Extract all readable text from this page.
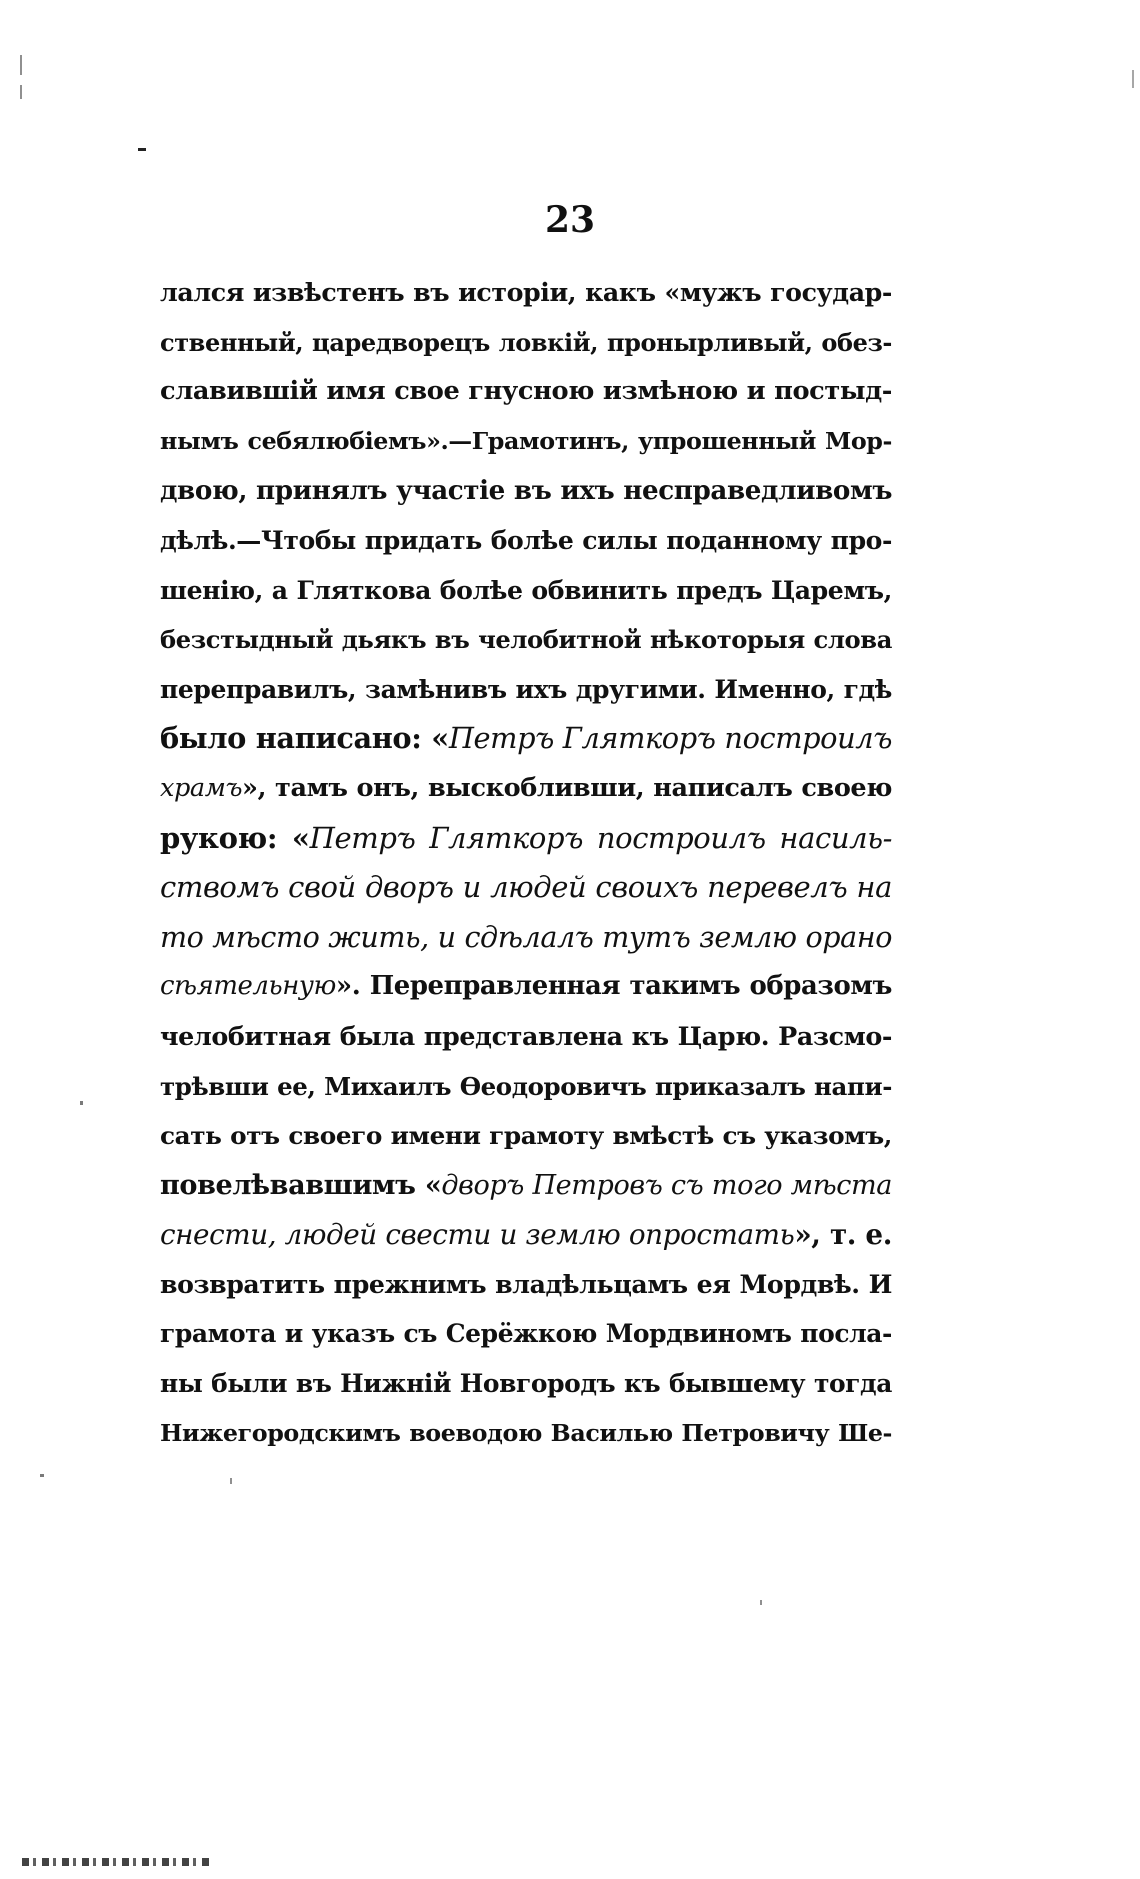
23
лался извѣстенъ въ исторіи, какъ «мужъ государ-
ственный, царедворецъ ловкій, пронырливый, обез-
славившій имя свое гнусною измѣною и постыд-
нымъ себялюбіемъ».—Грамотинъ, упрошенный Мор-
двою, принялъ участіе въ ихъ несправедливомъ
дѣлѣ.—Чтобы придать болѣе силы поданному про-
шенію, а Гляткова болѣе обвинить предъ Царемъ,
безстыдный дьякъ въ челобитной нѣкоторыя слова
переправилъ, замѣнивъ ихъ другими. Именно, гдѣ
было написано: «Петръ Гляткоръ построилъ
храмъ», тамъ онъ, выскобливши, написалъ своею
рукою: «Петръ Гляткоръ построилъ насиль-
ствомъ свой дворъ и людей своихъ перевелъ на
то мѣсто жить, и сдѣлалъ тутъ землю орано
сѣятельную». Переправленная такимъ образомъ
челобитная была представлена къ Царю. Разсмо-
трѣвши ее, Михаилъ Ѳеодоровичъ приказалъ напи-
сать отъ своего имени грамоту вмѣстѣ съ указомъ,
повелѣвавшимъ «дворъ Петровъ съ того мѣста
снести, людей свести и землю опростать», т. е.
возвратить прежнимъ владѣльцамъ ея Мордвѣ. И
грамота и указъ съ Серёжкою Мордвиномъ посла-
ны были въ Нижній Новгородъ къ бывшему тогда
Нижегородскимъ воеводою Василью Петровичу Ше-
